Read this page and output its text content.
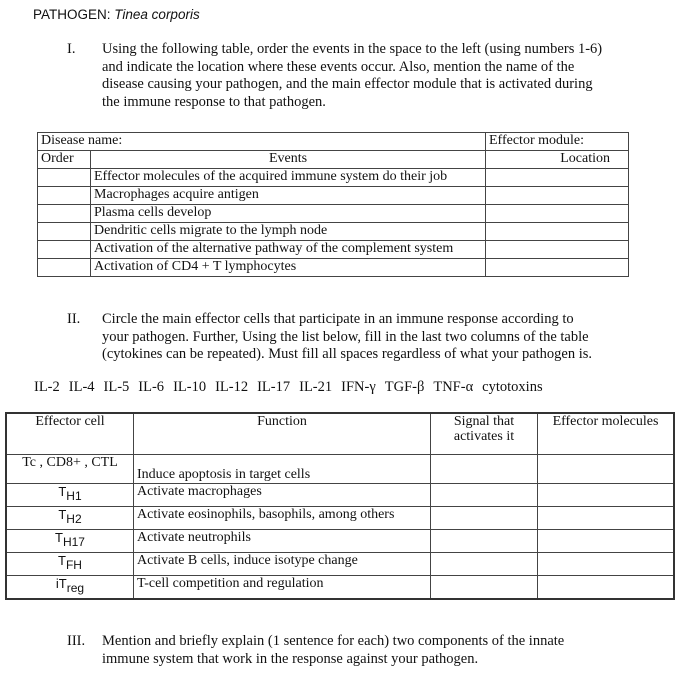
PATHOGEN: Tinea corporis
I. Using the following table, order the events in the space to the left (using numbers 1-6)
and indicate the location where these events occur. Also, mention the name of the
disease causing your pathogen, and the main effector module that is activated during
the immune response to that pathogen.
Disease name:		Effector module:
Order	Events	Location
	Effector molecules of the acquired immune system do their job	
	Macrophages acquire antigen	
	Plasma cells develop	
	Dendritic cells migrate to the lymph node	
	Activation of the alternative pathway of the complement system	
	Activation of CD4 + T lymphocytes	
II. Circle the main effector cells that participate in an immune response according to
your pathogen. Further, Using the list below, fill in the last two columns of the table
(cytokines can be repeated). Must fill all spaces regardless of what your pathogen is.
IL-2 IL-4 IL-5 IL-6 IL-10 IL-12 IL-17 IL-21 IFN-γ TGF-β TNF-α cytotoxins
Effector cell	Function	Signal that activates it	Effector molecules
Tc , CD8+ , CTL	Induce apoptosis in target cells		
$T_{H1}$	Activate macrophages		
$T_{H2}$	Activate eosinophils, basophils, among others		
$T_{H17}$	Activate neutrophils		
$T_{FH}$	Activate B cells, induce isotype change		
$iT_{reg}$	T-cell competition and regulation		
III. Mention and briefly explain (1 sentence for each) two components of the innate
immune system that work in the response against your pathogen.
